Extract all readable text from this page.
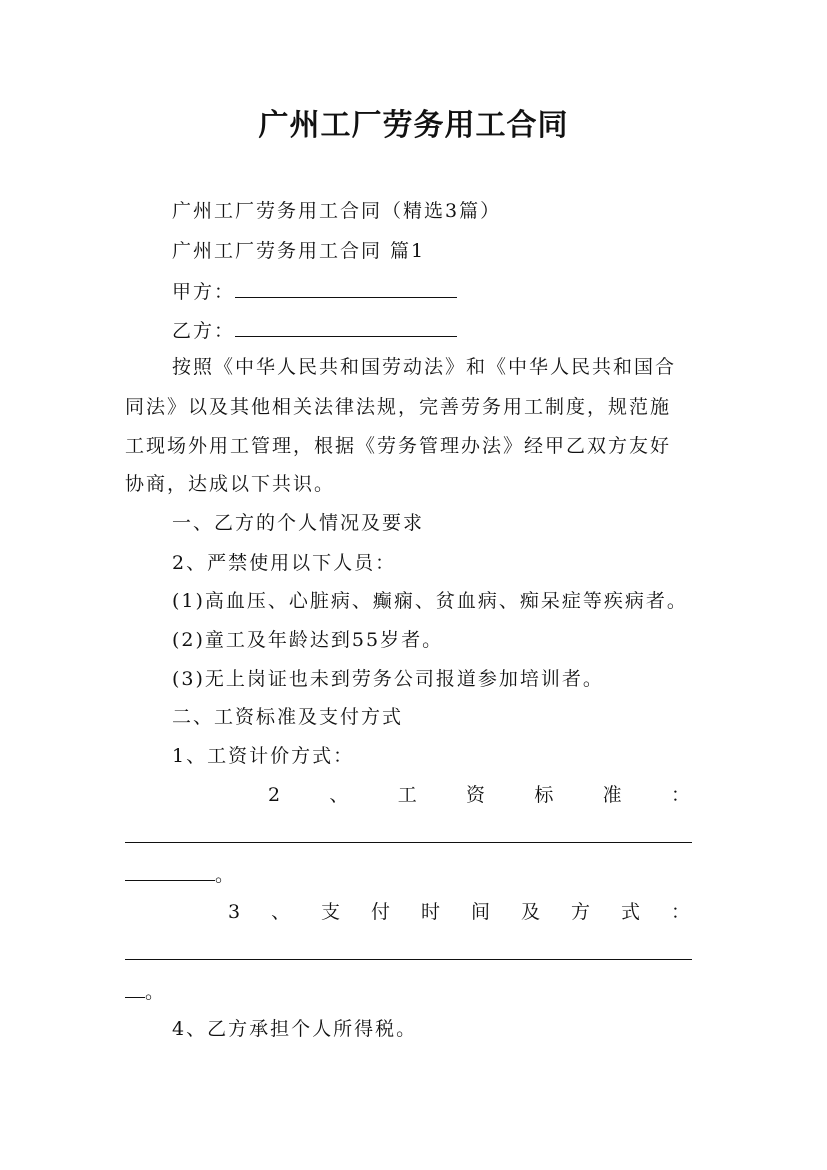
广州工厂劳务用工合同
广州工厂劳务用工合同（精选3篇）
广州工厂劳务用工合同 篇1
甲方：
乙方：
按照《中华人民共和国劳动法》和《中华人民共和国合
同法》以及其他相关法律法规，完善劳务用工制度，规范施
工现场外用工管理，根据《劳务管理办法》经甲乙双方友好
协商，达成以下共识。
一、乙方的个人情况及要求
2、严禁使用以下人员：
(1)高血压、心脏病、癫痫、贫血病、痴呆症等疾病者。
(2)童工及年龄达到55岁者。
(3)无上岗证也未到劳务公司报道参加培训者。
二、工资标准及支付方式
1、工资计价方式：
2	、	工	资	标	准	：
。
3 、 支 付 时 间 及 方 式 ：
。
4、乙方承担个人所得税。
